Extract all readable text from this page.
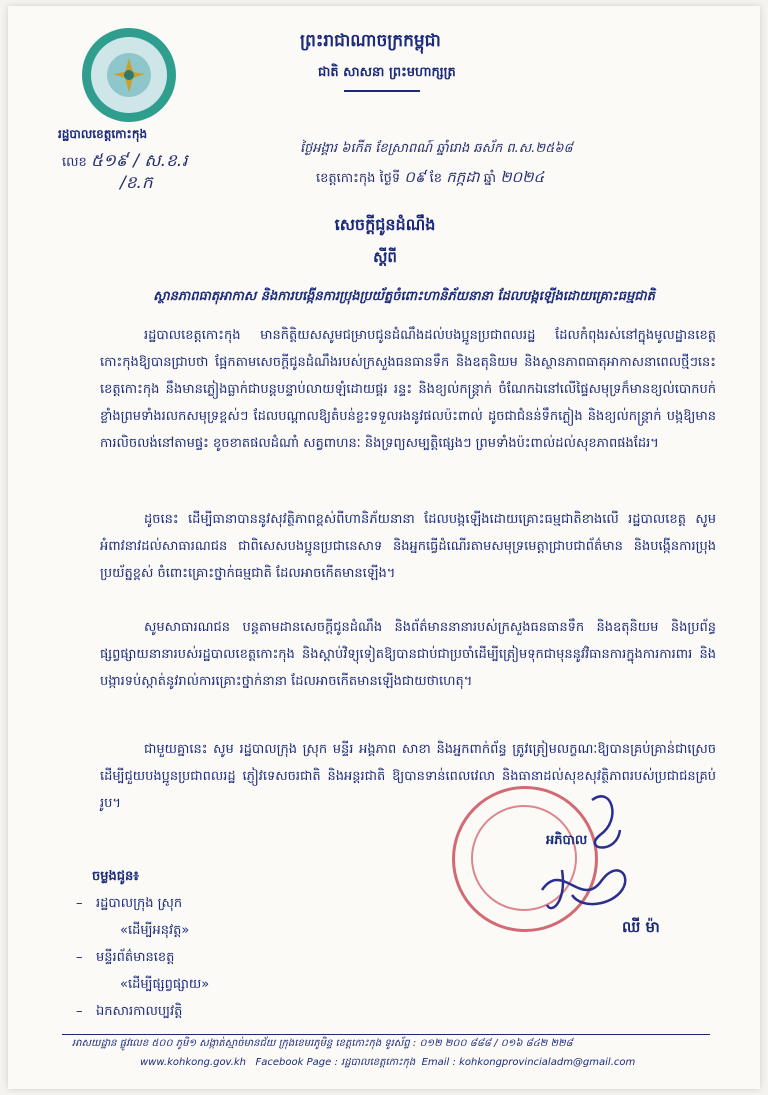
រដ្ឋបាលខេត្តកោះកុង
លេខ ៥១៩ / ស.ខ.រ
/ខ.ក
ព្រះរាជាណាចក្រកម្ពុជា
ជាតិ សាសនា ព្រះមហាក្សត្រ
ថ្ងៃអង្គារ ៦កើត ខែស្រាពណ៍ ឆ្នាំរោង ឆស័ក ព.ស.២៥៦៨
ខេត្តកោះកុង ថ្ងៃទី ០៩ ខែ កក្កដា ឆ្នាំ ២០២៤
សេចក្តីជូនដំណឹង
ស្តីពី
ស្ថានភាពធាតុអាកាស និងការបង្កើនការប្រុងប្រយ័ត្នចំពោះហានិភ័យនានា ដែលបង្កឡើងដោយគ្រោះធម្មជាតិ
រដ្ឋបាលខេត្តកោះកុង មានកិត្តិយសសូមជម្រាបជូនដំណឹងដល់បងប្អូនប្រជាពលរដ្ឋ ដែលកំពុងរស់នៅក្នុងមូលដ្ឋានខេត្តកោះកុងឱ្យបានជ្រាបថា ផ្អែកតាមសេចក្តីជូនដំណឹងរបស់ក្រសួងធនធានទឹក និងឧតុនិយម និងស្ថានភាពធាតុអាកាសនាពេលថ្មីៗនេះ ខេត្តកោះកុង នឹងមានភ្លៀងធ្លាក់ជាបន្តបន្ទាប់លាយឡំដោយផ្គរ រន្ទះ និងខ្យល់កន្ត្រាក់ ចំណែកឯនៅលើផ្ទៃសមុទ្រក៏មានខ្យល់បោកបក់ខ្លាំងព្រមទាំងរលកសមុទ្រខ្ពស់ៗ ដែលបណ្តាលឱ្យតំបន់ខ្លះទទួលរងនូវផលប៉ះពាល់ ដូចជាជំនន់ទឹកភ្លៀង និងខ្យល់កន្ត្រាក់ បង្កឱ្យមានការលិចលង់នៅតាមផ្ទះ ខូចខាតផលដំណាំ សត្វពាហនៈ និងទ្រព្យសម្បត្តិផ្សេងៗ ព្រមទាំងប៉ះពាល់ដល់សុខភាពផងដែរ។
ដូចនេះ ដើម្បីធានាបាននូវសុវត្ថិភាពខ្ពស់ពីហានិភ័យនានា ដែលបង្កឡើងដោយគ្រោះធម្មជាតិខាងលើ រដ្ឋបាលខេត្ត សូមអំពាវនាវដល់សាធារណជន ជាពិសេសបងប្អូនប្រជានេសាទ និងអ្នកធ្វើដំណើរតាមសមុទ្រមេត្តាជ្រាបជាព័ត៌មាន និងបង្កើនការប្រុងប្រយ័ត្នខ្ពស់ ចំពោះគ្រោះថ្នាក់ធម្មជាតិ ដែលអាចកើតមានឡើង។
សូមសាធារណជន បន្តតាមដានសេចក្តីជូនដំណឹង និងព័ត៌មាននានារបស់ក្រសួងធនធានទឹក និងឧតុនិយម និងប្រព័ន្ធផ្សព្វផ្សាយនានារបស់រដ្ឋបាលខេត្តកោះកុង និងស្តាប់វិទ្យុទៀតឱ្យបានជាប់ជាប្រចាំដើម្បីត្រៀមទុកជាមុននូវវិធានការក្នុងការការពារ និងបង្ការទប់ស្កាត់នូវរាល់ការគ្រោះថ្នាក់នានា ដែលអាចកើតមានឡើងជាយថាហេតុ។
ជាមួយគ្នានេះ សូម រដ្ឋបាលក្រុង ស្រុក មន្ទីរ អង្គភាព សាខា និងអ្នកពាក់ព័ន្ធ ត្រូវត្រៀមលក្ខណៈឱ្យបានគ្រប់គ្រាន់ជាស្រេច ដើម្បីជួយបងប្អូនប្រជាពលរដ្ឋ ភ្ញៀវទេសចរជាតិ និងអន្តរជាតិ ឱ្យបានទាន់ពេលវេលា និងធានាដល់សុខសុវត្ថិភាពរបស់ប្រជាជនគ្រប់រូប។
ចម្លងជូន៖
– រដ្ឋបាលក្រុង ស្រុក
«ដើម្បីអនុវត្ត»
– មន្ទីរព័ត៌មានខេត្ត
«ដើម្បីផ្សព្វផ្សាយ»
– ឯកសារកាលប្បវត្តិ
អភិបាល
ឈី ម៉ា
អាសយដ្ឋាន ផ្លូវលេខ ៥០០ ភូមិ១ សង្កាត់ស្មាច់មានជ័យ ក្រុងខេមរភូមិន្ទ ខេត្តកោះកុង ទូរស័ព្ទ : ០១២ ២០០ ៨៨៨ / ០១៦ ៨៤២ ២២៨
www.kohkong.gov.kh Facebook Page : រដ្ឋបាលខេត្តកោះកុង Email : kohkongprovincialadm@gmail.com
